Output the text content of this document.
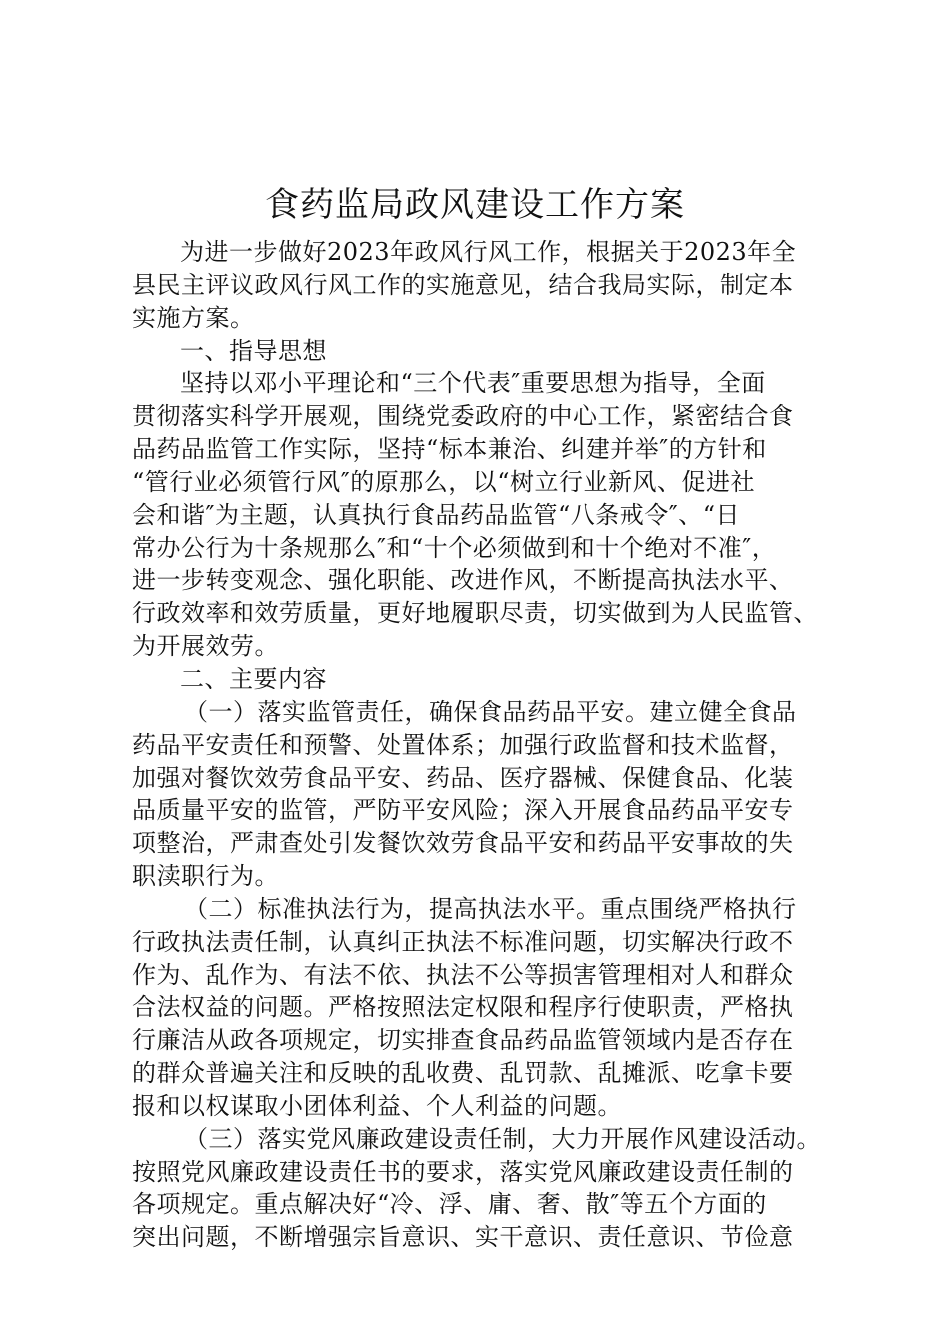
食药监局政风建设工作方案
为进一步做好2023年政风行风工作，根据关于2023年全
县民主评议政风行风工作的实施意见，结合我局实际，制定本
实施方案。
一、指导思想
坚持以邓小平理论和“三个代表″重要思想为指导，全面
贯彻落实科学开展观，围绕党委政府的中心工作，紧密结合食
品药品监管工作实际，坚持“标本兼治、纠建并举″的方针和
“管行业必须管行风″的原那么，以“树立行业新风、促进社
会和谐″为主题，认真执行食品药品监管“八条戒令″、“日
常办公行为十条规那么″和“十个必须做到和十个绝对不准″，
进一步转变观念、强化职能、改进作风，不断提高执法水平、
行政效率和效劳质量，更好地履职尽责，切实做到为人民监管、
为开展效劳。
二、主要内容
（一）落实监管责任，确保食品药品平安。建立健全食品
药品平安责任和预警、处置体系；加强行政监督和技术监督，
加强对餐饮效劳食品平安、药品、医疗器械、保健食品、化装
品质量平安的监管，严防平安风险；深入开展食品药品平安专
项整治，严肃查处引发餐饮效劳食品平安和药品平安事故的失
职渎职行为。
（二）标准执法行为，提高执法水平。重点围绕严格执行
行政执法责任制，认真纠正执法不标准问题，切实解决行政不
作为、乱作为、有法不依、执法不公等损害管理相对人和群众
合法权益的问题。严格按照法定权限和程序行使职责，严格执
行廉洁从政各项规定，切实排查食品药品监管领域内是否存在
的群众普遍关注和反映的乱收费、乱罚款、乱摊派、吃拿卡要
报和以权谋取小团体利益、个人利益的问题。
（三）落实党风廉政建设责任制，大力开展作风建设活动。
按照党风廉政建设责任书的要求，落实党风廉政建设责任制的
各项规定。重点解决好“冷、浮、庸、奢、散″等五个方面的
突出问题，不断增强宗旨意识、实干意识、责任意识、节俭意
